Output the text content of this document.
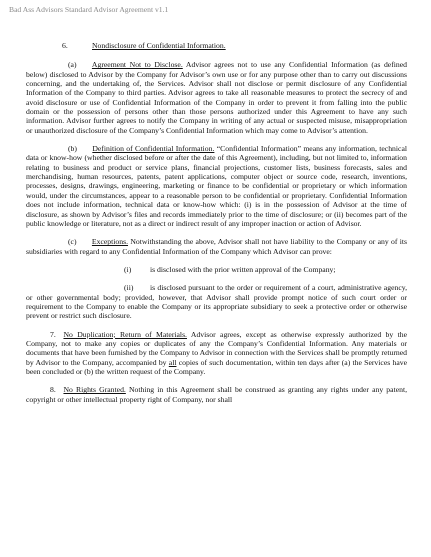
Bad Ass Advisors Standard Advisor Agreement v1.1

6.	Nondisclosure of Confidential Information.

(a)   Agreement Not to Disclose. Advisor agrees not to use any Confidential Information (as defined below) disclosed to Advisor by the Company for Advisor’s own use or for any purpose other than to carry out discussions concerning, and the undertaking of, the Services. Advisor shall not disclose or permit disclosure of any Confidential Information of the Company to third parties. Advisor agrees to take all reasonable measures to protect the secrecy of and avoid disclosure or use of Confidential Information of the Company in order to prevent it from falling into the public domain or the possession of persons other than those persons authorized under this Agreement to have any such information. Advisor further agrees to notify the Company in writing of any actual or suspected misuse, misappropriation or unauthorized disclosure of the Company’s Confidential Information which may come to Advisor’s attention.

(b)   Definition of Confidential Information. “Confidential Information” means any information, technical data or know-how (whether disclosed before or after the date of this Agreement), including, but not limited to, information relating to business and product or service plans, financial projections, customer lists, business forecasts, sales and merchandising, human resources, patents, patent applications, computer object or source code, research, inventions, processes, designs, drawings, engineering, marketing or finance to be confidential or proprietary or which information would, under the circumstances, appear to a reasonable person to be confidential or proprietary. Confidential Information does not include information, technical data or know-how which: (i) is in the possession of Advisor at the time of disclosure, as shown by Advisor’s files and records immediately prior to the time of disclosure; or (ii) becomes part of the public knowledge or literature, not as a direct or indirect result of any improper inaction or action of Advisor.

(c)   Exceptions. Notwithstanding the above, Advisor shall not have liability to the Company or any of its subsidiaries with regard to any Confidential Information of the Company which Advisor can prove:

(i) is disclosed with the prior written approval of the Company;

(ii) is disclosed pursuant to the order or requirement of a court, administrative agency, or other governmental body; provided, however, that Advisor shall provide prompt notice of such court order or requirement to the Company to enable the Company or its appropriate subsidiary to seek a protective order or otherwise prevent or restrict such disclosure.

7.  No Duplication; Return of Materials. Advisor agrees, except as otherwise expressly authorized by the Company, not to make any copies or duplicates of any the Company’s Confidential Information. Any materials or documents that have been furnished by the Company to Advisor in connection with the Services shall be promptly returned by Advisor to the Company, accompanied by all copies of such documentation, within ten days after (a) the Services have been concluded or (b) the written request of the Company.

8.  No Rights Granted. Nothing in this Agreement shall be construed as granting any rights under any patent, copyright or other intellectual property right of Company, nor shall
